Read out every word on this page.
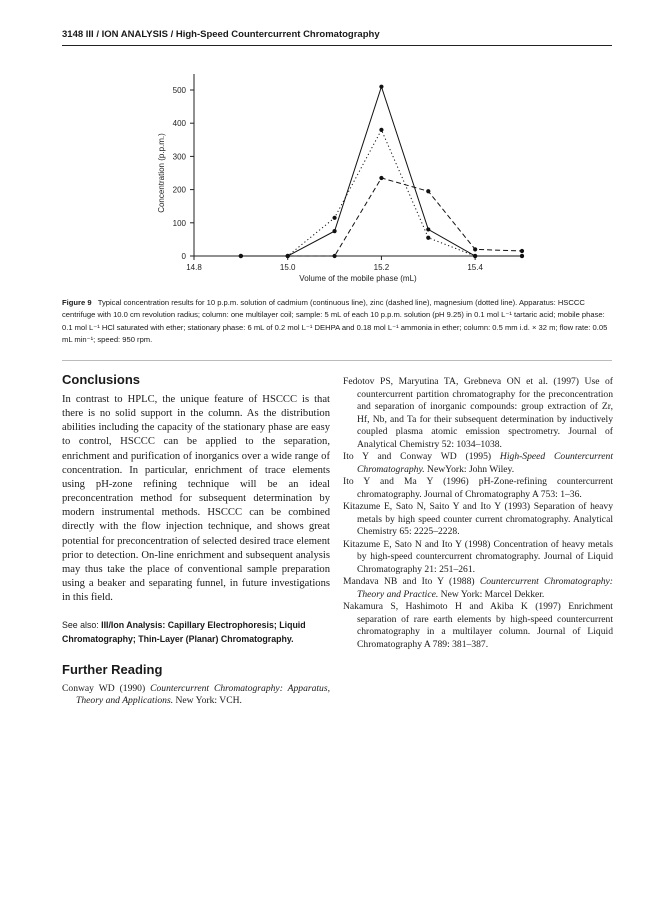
3148 III / ION ANALYSIS / High-Speed Countercurrent Chromatography
0
100
200
300
400
500
14.8	15.0	15.2	15.4
Volume of the mobile phase (mL)
Concentration (p.p.m.)
Figure 9 Typical concentration results for 10 p.p.m. solution of cadmium (continuous line), zinc (dashed line), magnesium (dotted line). Apparatus: HSCCC centrifuge with 10.0 cm revolution radius; column: one multilayer coil; sample: 5 mL of each 10 p.p.m. solution (pH 9.25) in 0.1 mol L⁻¹ tartaric acid; mobile phase: 0.1 mol L⁻¹ HCl saturated with ether; stationary phase: 6 mL of 0.2 mol L⁻¹ DEHPA and 0.18 mol L⁻¹ ammonia in ether; column: 0.5 mm i.d. × 32 m; flow rate: 0.05 mL min⁻¹; speed: 950 rpm.
Conclusions

In contrast to HPLC, the unique feature of HSCCC is that there is no solid support in the column. As the distribution abilities including the capacity of the stationary phase are easy to control, HSCCC can be applied to the separation, enrichment and purification of inorganics over a wide range of concentration. In particular, enrichment of trace elements using pH-zone refining technique will be an ideal preconcentration method for subsequent determination by modern instrumental methods. HSCCC can be combined directly with the flow injection technique, and shows great potential for preconcentration of selected desired trace element prior to detection. On-line enrichment and subsequent analysis may thus take the place of conventional sample preparation using a beaker and separating funnel, in future investigations in this field.

See also: III/Ion Analysis: Capillary Electrophoresis; Liquid Chromatography; Thin-Layer (Planar) Chromatography.

Further Reading

Conway WD (1990) Countercurrent Chromatography: Apparatus, Theory and Applications. New York: VCH.

Fedotov PS, Maryutina TA, Grebneva ON et al. (1997) Use of countercurrent partition chromatography for the preconcentration and separation of inorganic compounds: group extraction of Zr, Hf, Nb, and Ta for their subsequent determination by inductively coupled plasma atomic emission spectrometry. Journal of Analytical Chemistry 52: 1034–1038.

Ito Y and Conway WD (1995) High-Speed Countercurrent Chromatography. NewYork: John Wiley.

Ito Y and Ma Y (1996) pH-Zone-refining countercurrent chromatography. Journal of Chromatography A 753: 1–36.

Kitazume E, Sato N, Saito Y and Ito Y (1993) Separation of heavy metals by high speed counter current chromatography. Analytical Chemistry 65: 2225–2228.

Kitazume E, Sato N and Ito Y (1998) Concentration of heavy metals by high-speed countercurrent chromatography. Journal of Liquid Chromatography 21: 251–261.

Mandava NB and Ito Y (1988) Countercurrent Chromatography: Theory and Practice. New York: Marcel Dekker.

Nakamura S, Hashimoto H and Akiba K (1997) Enrichment separation of rare earth elements by high-speed countercurrent chromatography in a multilayer column. Journal of Liquid Chromatography A 789: 381–387.
